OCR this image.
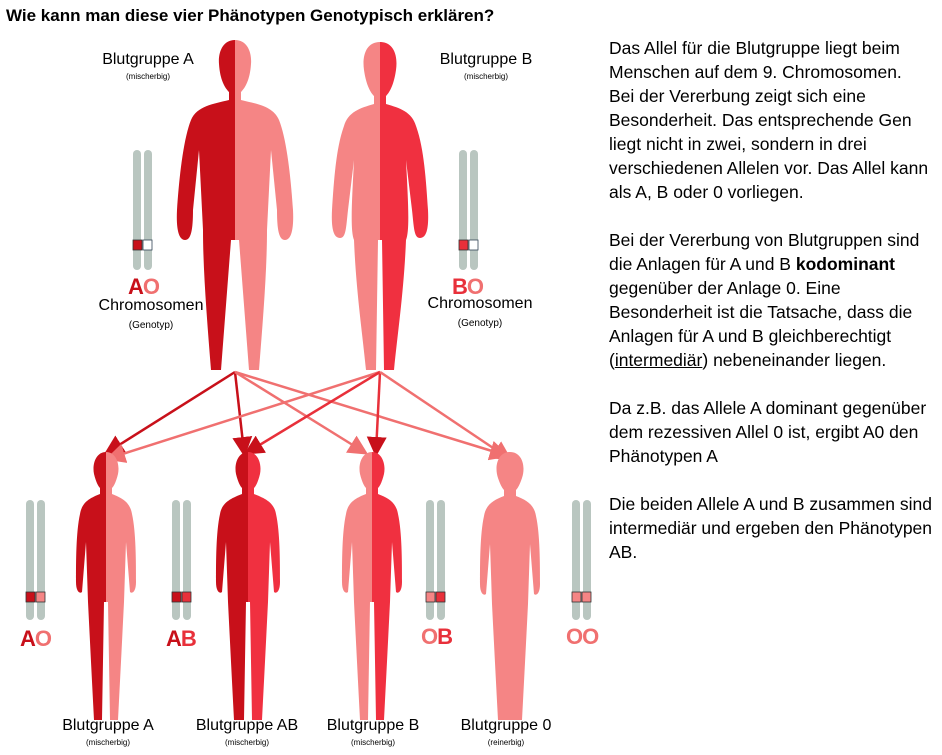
Wie kann man diese vier Phänotypen Genotypisch erklären?
Blutgruppe A
(mischerbig)
Blutgruppe B
(mischerbig)
AO
Chromosomen
(Genotyp)
BO
Chromosomen
(Genotyp)
AO	AB	OB	OO
Blutgruppe A
(mischerbig)
Blutgruppe AB
(mischerbig)
Blutgruppe B
(mischerbig)
Blutgruppe 0
(reinerbig)

Das Allel für die Blutgruppe liegt beim Menschen auf dem 9. Chromosomen.

Bei der Vererbung zeigt sich eine Besonderheit. Das entsprechende Gen liegt nicht in zwei, sondern in drei verschiedenen Allelen vor. Das Allel kann als A, B oder 0 vorliegen.

Bei der Vererbung von Blutgruppen sind die Anlagen für A und B kodominant gegenüber der Anlage 0. Eine Besonderheit ist die Tatsache, dass die Anlagen für A und B gleichberechtigt (intermediär) nebeneinander liegen.

Da z.B. das Allele A dominant gegenüber dem rezessiven Allel 0 ist, ergibt A0 den Phänotypen A

Die beiden Allele A und B zusammen sind intermediär und ergeben den Phänotypen AB.
